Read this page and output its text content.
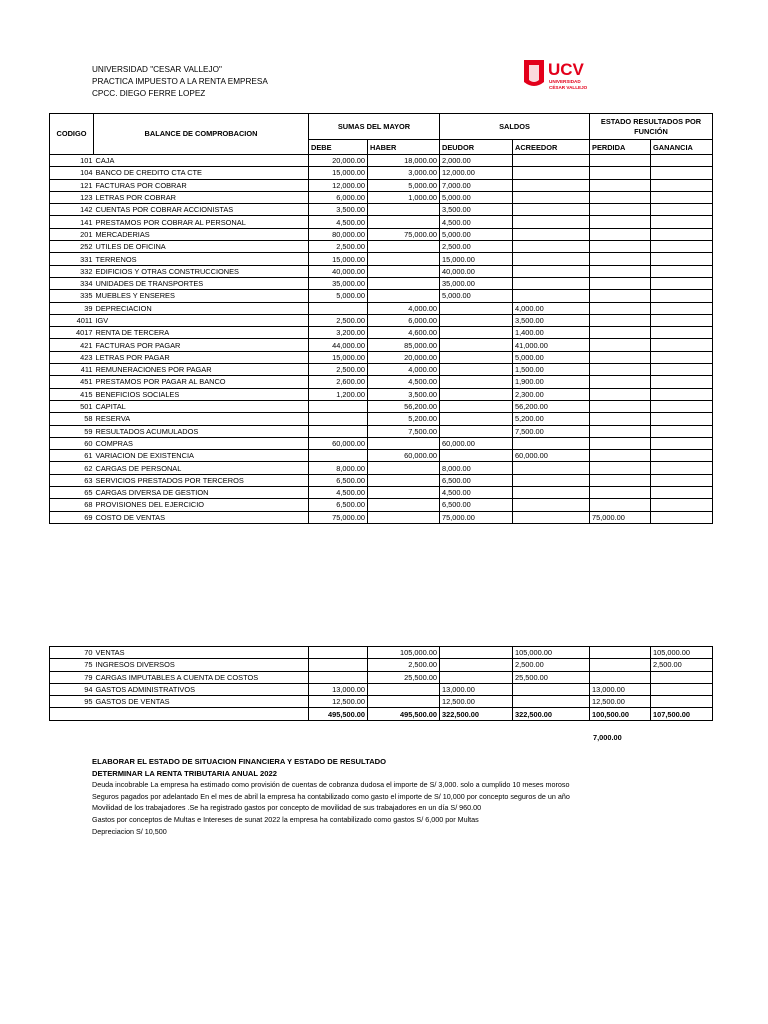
UNIVERSIDAD "CESAR VALLEJO"
PRACTICA IMPUESTO A LA RENTA EMPRESA
CPCC. DIEGO FERRE LOPEZ
UCV
UNIVERSIDAD
CÉSAR VALLEJO
CODIGO	BALANCE DE COMPROBACION	SUMAS DEL MAYOR		SALDOS		ESTADO RESULTADOS POR FUNCIÓN	
		DEBE	HABER	DEUDOR	ACREEDOR	PERDIDA	GANANCIA
101	CAJA	20,000.00	18,000.00	2,000.00			
104	BANCO DE CREDITO CTA CTE	15,000.00	3,000.00	12,000.00			
121	FACTURAS POR COBRAR	12,000.00	5,000.00	7,000.00			
123	LETRAS POR COBRAR	6,000.00	1,000.00	5,000.00			
142	CUENTAS POR COBRAR ACCIONISTAS	3,500.00		3,500.00			
141	PRESTAMOS POR COBRAR AL PERSONAL	4,500.00		4,500.00			
201	MERCADERIAS	80,000.00	75,000.00	5,000.00			
252	UTILES DE OFICINA	2,500.00		2,500.00			
331	TERRENOS	15,000.00		15,000.00			
332	EDIFICIOS Y OTRAS CONSTRUCCIONES	40,000.00		40,000.00			
334	UNIDADES DE TRANSPORTES	35,000.00		35,000.00			
335	MUEBLES Y ENSERES	5,000.00		5,000.00			
39	DEPRECIACION		4,000.00		4,000.00		
4011	IGV	2,500.00	6,000.00		3,500.00		
4017	RENTA DE TERCERA	3,200.00	4,600.00		1,400.00		
421	FACTURAS POR PAGAR	44,000.00	85,000.00		41,000.00		
423	LETRAS POR PAGAR	15,000.00	20,000.00		5,000.00		
411	REMUNERACIONES POR PAGAR	2,500.00	4,000.00		1,500.00		
451	PRESTAMOS POR PAGAR AL BANCO	2,600.00	4,500.00		1,900.00		
415	BENEFICIOS SOCIALES	1,200.00	3,500.00		2,300.00		
501	CAPITAL		56,200.00		56,200.00		
58	RESERVA		5,200.00		5,200.00		
59	RESULTADOS ACUMULADOS		7,500.00		7,500.00		
60	COMPRAS	60,000.00		60,000.00			
61	VARIACION DE EXISTENCIA		60,000.00		60,000.00		
62	CARGAS DE PERSONAL	8,000.00		8,000.00			
63	SERVICIOS PRESTADOS POR TERCEROS	6,500.00		6,500.00			
65	CARGAS DIVERSA DE GESTION	4,500.00		4,500.00			
68	PROVISIONES DEL EJERCICIO	6,500.00		6,500.00			
69	COSTO DE VENTAS	75,000.00		75,000.00		75,000.00	
70	VENTAS		105,000.00		105,000.00		105,000.00
75	INGRESOS DIVERSOS		2,500.00		2,500.00		2,500.00
79	CARGAS IMPUTABLES A CUENTA DE COSTOS		25,500.00		25,500.00		
94	GASTOS ADMINISTRATIVOS	13,000.00		13,000.00		13,000.00	
95	GASTOS DE VENTAS	12,500.00		12,500.00		12,500.00	
		495,500.00	495,500.00	322,500.00	322,500.00	100,500.00	107,500.00
7,000.00
ELABORAR EL ESTADO DE SITUACION FINANCIERA Y ESTADO DE RESULTADO
DETERMINAR LA RENTA TRIBUTARIA ANUAL 2022
Deuda incobrable La empresa ha estimado como provisión de cuentas de cobranza dudosa el importe de S/ 3,000. solo a cumplido 10 meses moroso
Seguros pagados por adelantado En el mes de abril la empresa ha contabilizado como gasto el importe de S/ 10,000 por concepto seguros de un año
Movilidad de los trabajadores .Se ha registrado gastos por concepto de movilidad de sus trabajadores en un día S/ 960.00
Gastos por conceptos de Multas e Intereses de sunat 2022 la empresa ha contabilizado como gastos S/ 6,000 por Multas
Depreciacion S/ 10,500
